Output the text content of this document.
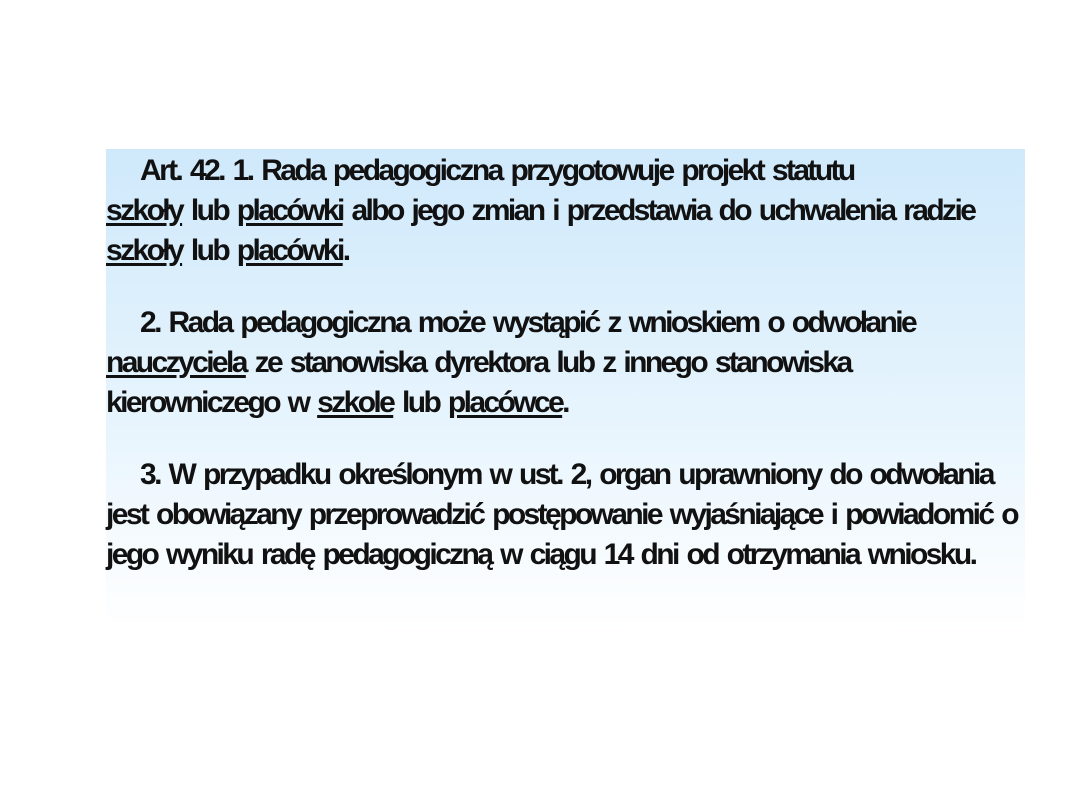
Art. 42. 1. Rada pedagogiczna przygotowuje projekt statutu
szkoły lub placówki albo jego zmian i przedstawia do uchwalenia radzie szkoły lub placówki.

2. Rada pedagogiczna może wystąpić z wnioskiem o odwołanie nauczyciela ze stanowiska dyrektora lub z innego stanowiska kierowniczego w szkole lub placówce.

3. W przypadku określonym w ust. 2, organ uprawniony do odwołania jest obowiązany przeprowadzić postępowanie wyjaśniające i powiadomić o jego wyniku radę pedagogiczną w ciągu 14 dni od otrzymania wniosku.
